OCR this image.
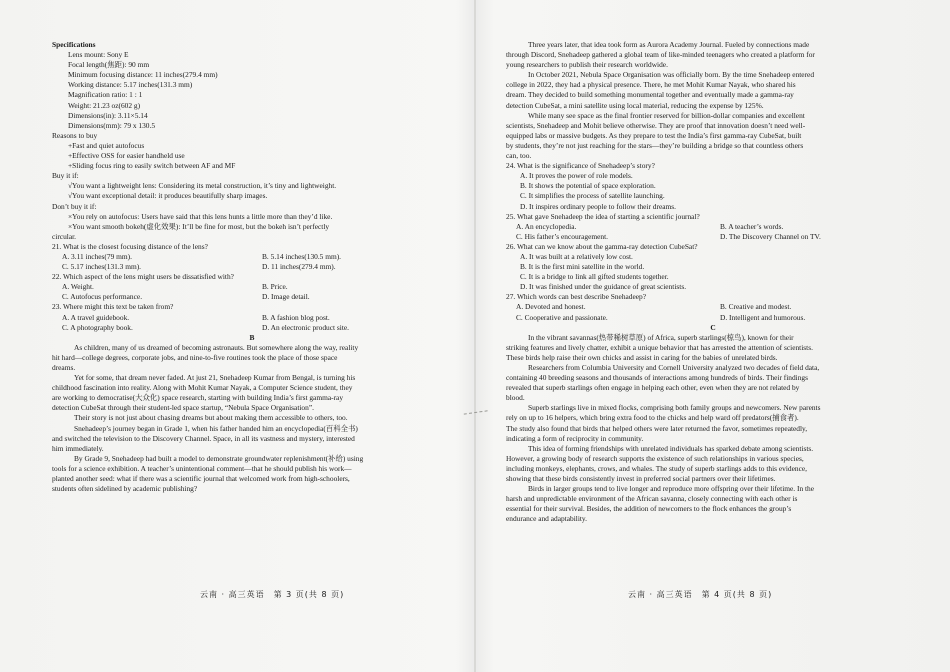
Specifications
Lens mount: Sony E
Focal length(焦距): 90 mm
Minimum focusing distance: 11 inches(279.4 mm)
Working distance: 5.17 inches(131.3 mm)
Magnification ratio: 1 : 1
Weight: 21.23 oz(602 g)
Dimensions(in): 3.11×5.14
Dimensions(mm): 79 x 130.5
Reasons to buy
+Fast and quiet autofocus
+Effective OSS for easier handheld use
+Sliding focus ring to easily switch between AF and MF
Buy it if:
√You want a lightweight lens: Considering its metal construction, it’s tiny and lightweight.
√You want exceptional detail: it produces beautifully sharp images.
Don’t buy it if:
×You rely on autofocus: Users have said that this lens hunts a little more than they’d like.
×You want smooth bokeh(虚化效果): It’ll be fine for most, but the bokeh isn’t perfectly
circular.
21. What is the closest focusing distance of the lens?
A. 3.11 inches(79 mm).	B. 5.14 inches(130.5 mm).
C. 5.17 inches(131.3 mm).	D. 11 inches(279.4 mm).
22. Which aspect of the lens might users be dissatisfied with?
A. Weight.	B. Price.
C. Autofocus performance.	D. Image detail.
23. Where might this text be taken from?
A. A travel guidebook.	B. A fashion blog post.
C. A photography book.	D. An electronic product site.
B
As children, many of us dreamed of becoming astronauts. But somewhere along the way, reality
hit hard—college degrees, corporate jobs, and nine-to-five routines took the place of those space
dreams.
Yet for some, that dream never faded. At just 21, Snehadeep Kumar from Bengal, is turning his
childhood fascination into reality. Along with Mohit Kumar Nayak, a Computer Science student, they
are working to democratise(大众化) space research, starting with building India’s first gamma-ray
detection CubeSat through their student-led space startup, “Nebula Space Organisation”.
Their story is not just about chasing dreams but about making them accessible to others, too.
Snehadeep’s journey began in Grade 1, when his father handed him an encyclopedia(百科全书)
and switched the television to the Discovery Channel. Space, in all its vastness and mystery, interested
him immediately.
By Grade 9, Snehadeep had built a model to demonstrate groundwater replenishment(补给) using
tools for a science exhibition. A teacher’s unintentional comment—that he should publish his work—
planted another seed: what if there was a scientific journal that welcomed work from high-schoolers,
students often sidelined by academic publishing?
云南 · 高三英语　第 3 页(共 8 页)
Three years later, that idea took form as Aurora Academy Journal. Fueled by connections made
through Discord, Snehadeep gathered a global team of like-minded teenagers who created a platform for
young researchers to publish their research worldwide.
In October 2021, Nebula Space Organisation was officially born. By the time Snehadeep entered
college in 2022, they had a physical presence. There, he met Mohit Kumar Nayak, who shared his
dream. They decided to build something monumental together and eventually made a gamma-ray
detection CubeSat, a mini satellite using local material, reducing the expense by 125%.
While many see space as the final frontier reserved for billion-dollar companies and excellent
scientists, Snehadeep and Mohit believe otherwise. They are proof that innovation doesn’t need well-
equipped labs or massive budgets. As they prepare to test the India’s first gamma-ray CubeSat, built
by students, they’re not just reaching for the stars—they’re building a bridge so that countless others
can, too.
24. What is the significance of Snehadeep’s story?
A. It proves the power of role models.
B. It shows the potential of space exploration.
C. It simplifies the process of satellite launching.
D. It inspires ordinary people to follow their dreams.
25. What gave Snehadeep the idea of starting a scientific journal?
A. An encyclopedia.	B. A teacher’s words.
C. His father’s encouragement.	D. The Discovery Channel on TV.
26. What can we know about the gamma-ray detection CubeSat?
A. It was built at a relatively low cost.
B. It is the first mini satellite in the world.
C. It is a bridge to link all gifted students together.
D. It was finished under the guidance of great scientists.
27. Which words can best describe Snehadeep?
A. Devoted and honest.	B. Creative and modest.
C. Cooperative and passionate.	D. Intelligent and humorous.
C
In the vibrant savannas(热带稀树草原) of Africa, superb starlings(椋鸟), known for their
striking features and lively chatter, exhibit a unique behavior that has arrested the attention of scientists.
These birds help raise their own chicks and assist in caring for the babies of unrelated birds.
Researchers from Columbia University and Cornell University analyzed two decades of field data,
containing 40 breeding seasons and thousands of interactions among hundreds of birds. Their findings
revealed that superb starlings often engage in helping each other, even when they are not related by
blood.
Superb starlings live in mixed flocks, comprising both family groups and newcomers. New parents
rely on up to 16 helpers, which bring extra food to the chicks and help ward off predators(捕食者).
The study also found that birds that helped others were later returned the favor, sometimes repeatedly,
indicating a form of reciprocity in community.
This idea of forming friendships with unrelated individuals has sparked debate among scientists.
However, a growing body of research supports the existence of such relationships in various species,
including monkeys, elephants, crows, and whales. The study of superb starlings adds to this evidence,
showing that these birds consistently invest in preferred social partners over their lifetimes.
Birds in larger groups tend to live longer and reproduce more offspring over their lifetime. In the
harsh and unpredictable environment of the African savanna, closely connecting with each other is
essential for their survival. Besides, the addition of newcomers to the flock enhances the group’s
endurance and adaptability.
云南 · 高三英语　第 4 页(共 8 页)
